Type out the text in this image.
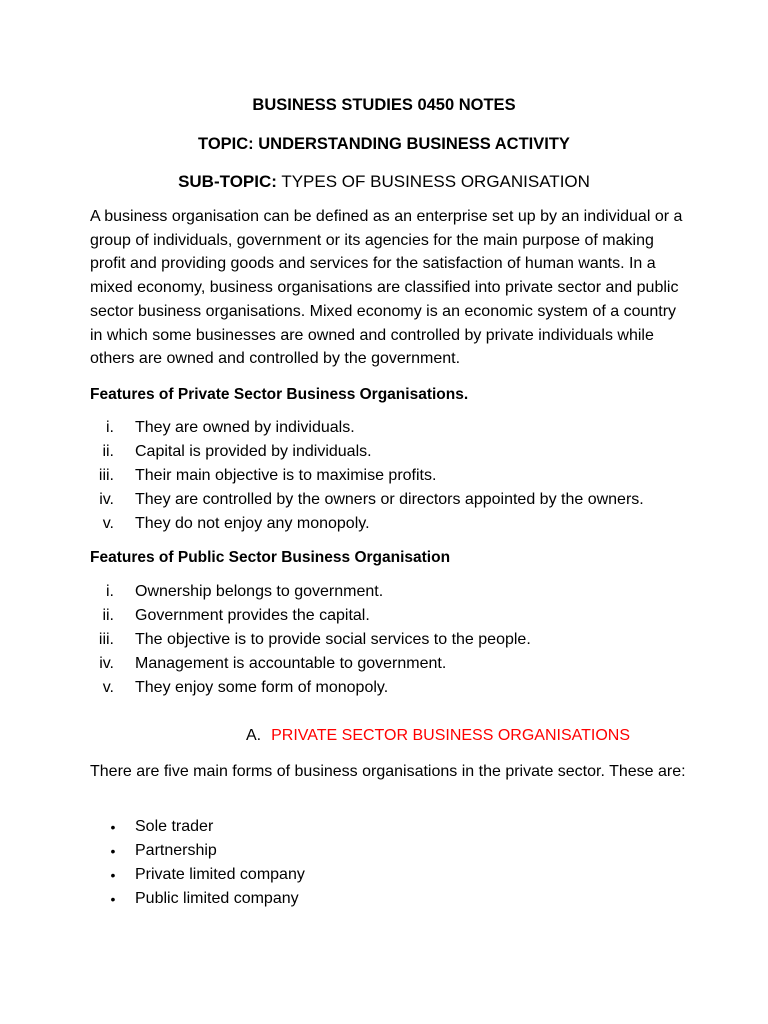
BUSINESS STUDIES 0450 NOTES
TOPIC: UNDERSTANDING BUSINESS ACTIVITY
SUB-TOPIC: TYPES OF BUSINESS ORGANISATION

A business organisation can be defined as an enterprise set up by an individual or a group of individuals, government or its agencies for the main purpose of making profit and providing goods and services for the satisfaction of human wants. In a mixed economy, business organisations are classified into private sector and public sector business organisations. Mixed economy is an economic system of a country in which some businesses are owned and controlled by private individuals while others are owned and controlled by the government.

Features of Private Sector Business Organisations.
i. They are owned by individuals.
ii. Capital is provided by individuals.
iii. Their main objective is to maximise profits.
iv. They are controlled by the owners or directors appointed by the owners.
v. They do not enjoy any monopoly.
Features of Public Sector Business Organisation
i. Ownership belongs to government.
ii. Government provides the capital.
iii. The objective is to provide social services to the people.
iv. Management is accountable to government.
v. They enjoy some form of monopoly.
A. PRIVATE SECTOR BUSINESS ORGANISATIONS

There are five main forms of business organisations in the private sector. These are:

• Sole trader
• Partnership
• Private limited company
• Public limited company
